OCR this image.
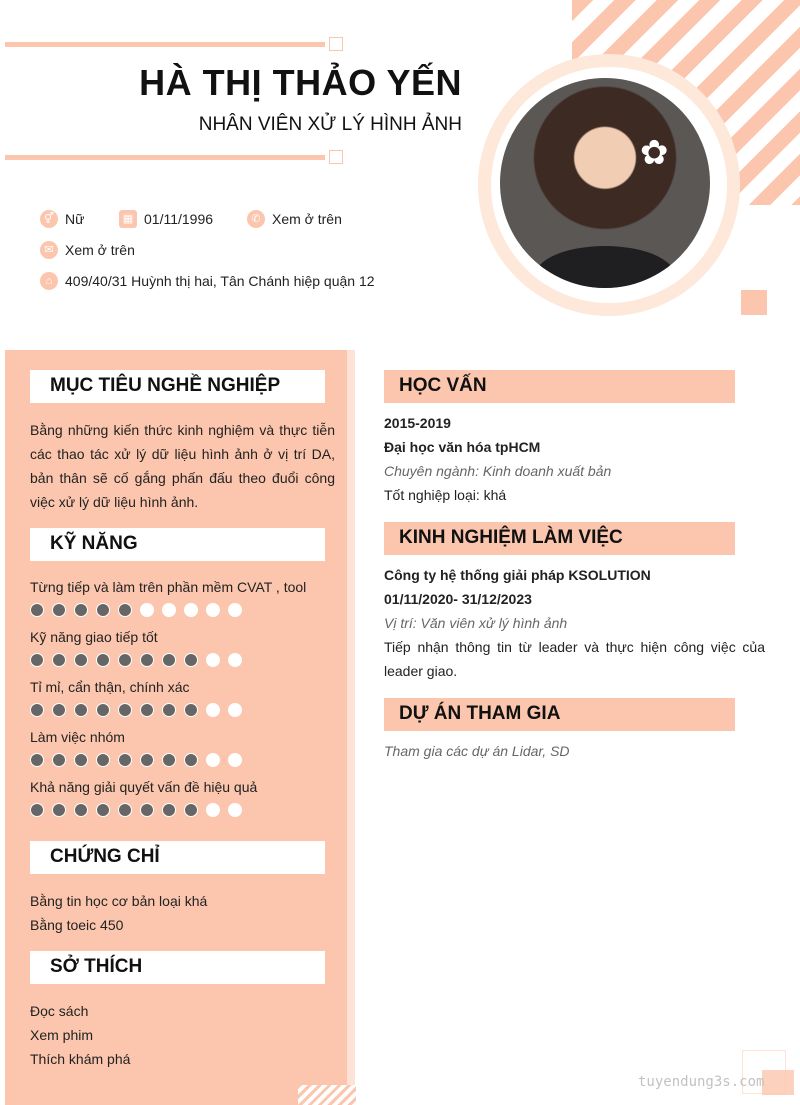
✿
HÀ THỊ THẢO YẾN
NHÂN VIÊN XỬ LÝ HÌNH ẢNH
⚥ Nữ	▦ 01/11/1996	✆ Xem ở trên
✉ Xem ở trên
⌂ 409/40/31 Huỳnh thị hai, Tân Chánh hiệp quận 12
MỤC TIÊU NGHỀ NGHIỆP
Bằng những kiến thức kinh nghiệm và thực tiễn các thao tác xử lý dữ liệu hình ảnh ở vị trí DA, bản thân sẽ cố gắng phấn đấu theo đuổi công việc xử lý dữ liệu hình ảnh.
KỸ NĂNG
Từng tiếp và làm trên phần mềm CVAT , tool
Kỹ năng giao tiếp tốt
Tỉ mỉ, cẩn thận, chính xác
Làm việc nhóm
Khả năng giải quyết vấn đề hiệu quả
CHỨNG CHỈ
Bằng tin học cơ bản loại khá
Bằng toeic 450
SỞ THÍCH
Đọc sách
Xem phim
Thích khám phá
HỌC VẤN
2015-2019
Đại học văn hóa tpHCM
Chuyên ngành: Kinh doanh xuất bản
Tốt nghiệp loại: khá
KINH NGHIỆM LÀM VIỆC
Công ty hệ thống giải pháp KSOLUTION
01/11/2020- 31/12/2023
Vị trí: Văn viên xử lý hình ảnh
Tiếp nhận thông tin từ leader và thực hiện công việc của leader giao.
DỰ ÁN THAM GIA
Tham gia các dự án Lidar, SD
tuyendung3s.com
